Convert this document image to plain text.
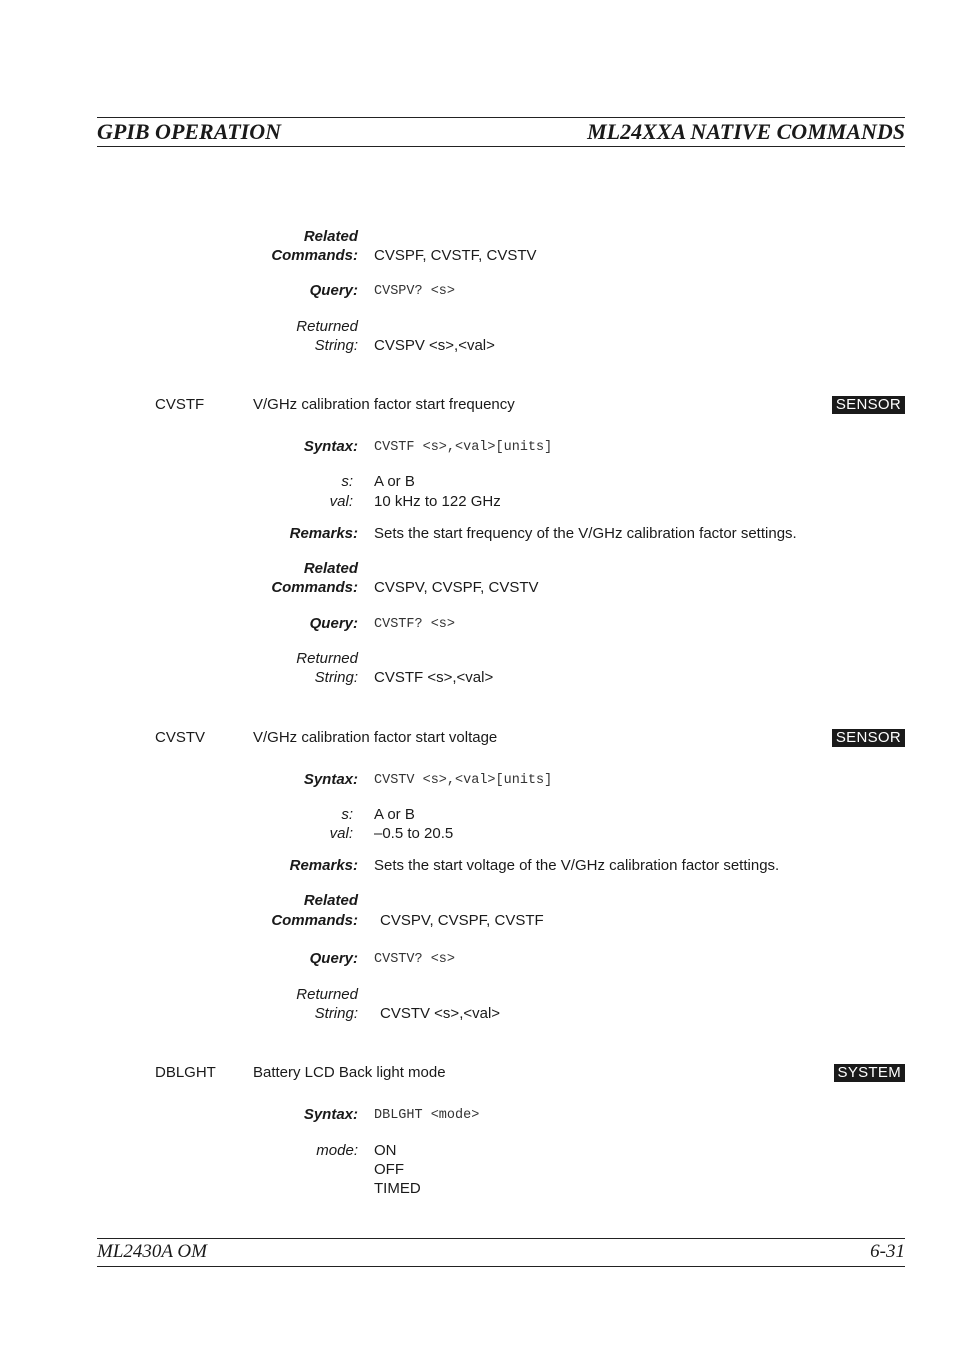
GPIB OPERATION	ML24XXA NATIVE COMMANDS
Related
Commands: CVSPF, CVSTF, CVSTV
Query: CVSPV? <s>
Returned
String: CVSPV <s>,<val>
CVSTF	V/GHz calibration factor start frequency	SENSOR
Syntax: CVSTF <s>,<val>[units]
s: A or B
val: 10 kHz to 122 GHz
Remarks: Sets the start frequency of the V/GHz calibration factor settings.
Related
Commands: CVSPV, CVSPF, CVSTV
Query: CVSTF? <s>
Returned
String: CVSTF <s>,<val>
CVSTV	V/GHz calibration factor start voltage	SENSOR
Syntax: CVSTV <s>,<val>[units]
s: A or B
val: –0.5 to 20.5
Remarks: Sets the start voltage of the V/GHz calibration factor settings.
Related
Commands: CVSPV, CVSPF, CVSTF
Query: CVSTV? <s>
Returned
String: CVSTV <s>,<val>
DBLGHT Battery LCD Back light mode	SYSTEM
Syntax: DBLGHT <mode>
mode: ON
OFF
TIMED
ML2430A OM	6-31
